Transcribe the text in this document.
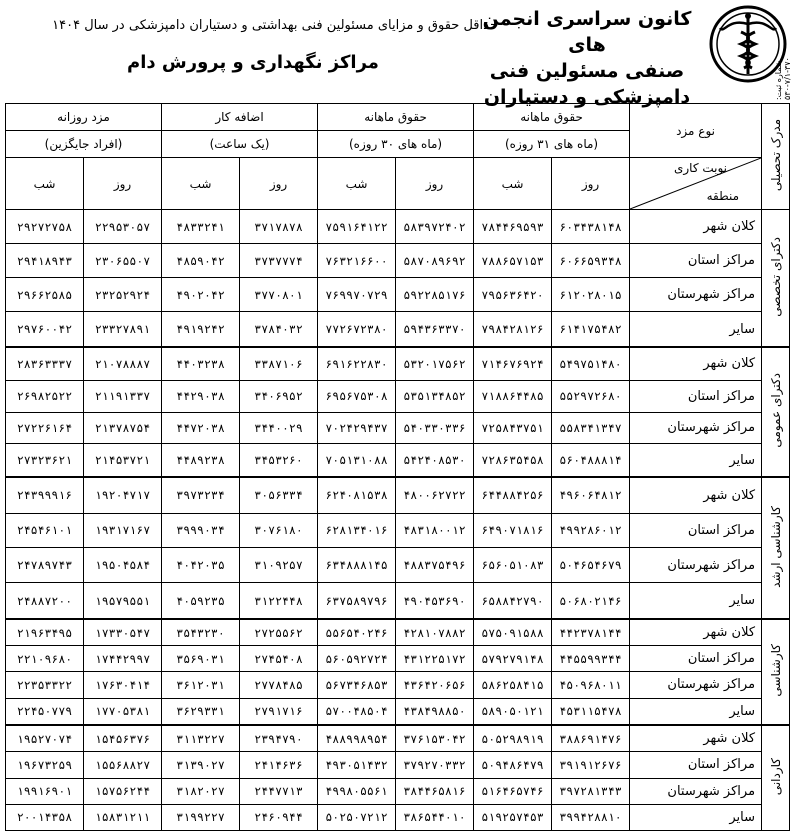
شماره ثبت: ۳۷۰-۷/۱-۵۳۰
کانون سراسری انجمن های
صنفی مسئولین فنی
دامپزشکی و دستیاران
حداقل حقوق و مزایای مسئولین فنی بهداشتی و دستیاران دامپزشکی در سال ۱۴۰۴
مراکز نگهداری و پرورش دام
مدرک تحصیلی	نوع مزد	حقوق ماهانه		حقوق ماهانه		اضافه کار		مزد روزانه	
		(ماه های ۳۱ روزه)		(ماه های ۳۰ روزه)		(یک ساعت)		(افراد جایگزین)	

	نوبت کاری
منطقه	روز	شب	روز	شب	روز	شب	روز	شب
دکترای تخصصی	کلان شهر	۶۰۳۴۳۸۱۴۸	۷۸۴۴۶۹۵۹۳	۵۸۳۹۷۲۴۰۲	۷۵۹۱۶۴۱۲۲	۳۷۱۷۸۷۸	۴۸۳۳۲۴۱	۲۲۹۵۳۰۵۷	۲۹۲۷۲۷۵۸
	مراکز استان	۶۰۶۶۵۹۳۴۸	۷۸۸۶۵۷۱۵۳	۵۸۷۰۸۹۶۹۲	۷۶۳۲۱۶۶۰۰	۳۷۳۷۷۷۴	۴۸۵۹۰۴۲	۲۳۰۶۵۵۰۷	۲۹۴۱۸۹۴۳
	مراکز شهرستان	۶۱۲۰۲۸۰۱۵	۷۹۵۶۳۶۴۲۰	۵۹۲۲۸۵۱۷۶	۷۶۹۹۷۰۷۲۹	۳۷۷۰۸۰۱	۴۹۰۲۰۴۲	۲۳۲۵۲۹۲۴	۲۹۶۶۲۵۸۵
	سایر	۶۱۴۱۷۵۴۸۲	۷۹۸۴۲۸۱۲۶	۵۹۴۳۶۳۳۷۰	۷۷۲۶۷۲۳۸۰	۳۷۸۴۰۳۲	۴۹۱۹۲۴۲	۲۳۳۲۷۸۹۱	۲۹۷۶۰۰۴۲
دکترای عمومی	کلان شهر	۵۴۹۷۵۱۴۸۰	۷۱۴۶۷۶۹۲۴	۵۳۲۰۱۷۵۶۲	۶۹۱۶۲۲۸۳۰	۳۳۸۷۱۰۶	۴۴۰۳۲۳۸	۲۱۰۷۸۸۸۷	۲۸۳۶۳۳۳۷
	مراکز استان	۵۵۲۹۷۲۶۸۰	۷۱۸۸۶۴۴۸۵	۵۳۵۱۳۴۸۵۲	۶۹۵۶۷۵۳۰۸	۳۴۰۶۹۵۲	۴۴۲۹۰۳۸	۲۱۱۹۱۳۳۷	۲۶۹۸۲۵۲۲
	مراکز شهرستان	۵۵۸۳۴۱۳۴۷	۷۲۵۸۴۳۷۵۱	۵۴۰۳۳۰۳۳۶	۷۰۲۴۲۹۴۳۷	۳۴۴۰۰۲۹	۴۴۷۲۰۳۸	۲۱۳۷۸۷۵۴	۲۷۲۲۶۱۶۴
	سایر	۵۶۰۴۸۸۸۱۴	۷۲۸۶۳۵۴۵۸	۵۴۲۴۰۸۵۳۰	۷۰۵۱۳۱۰۸۸	۳۴۵۳۲۶۰	۴۴۸۹۲۳۸	۲۱۴۵۳۷۲۱	۲۷۳۲۳۶۲۱
کارشناسی ارشد	کلان شهر	۴۹۶۰۶۴۸۱۲	۶۴۴۸۸۴۲۵۶	۴۸۰۰۶۲۷۲۲	۶۲۴۰۸۱۵۳۸	۳۰۵۶۳۳۴	۳۹۷۳۲۳۴	۱۹۲۰۴۷۱۷	۲۴۳۹۹۹۱۶
	مراکز استان	۴۹۹۲۸۶۰۱۲	۶۴۹۰۷۱۸۱۶	۴۸۳۱۸۰۰۱۲	۶۲۸۱۳۴۰۱۶	۳۰۷۶۱۸۰	۳۹۹۹۰۳۴	۱۹۳۱۷۱۶۷	۲۴۵۴۶۱۰۱
	مراکز شهرستان	۵۰۴۶۵۴۶۷۹	۶۵۶۰۵۱۰۸۳	۴۸۸۳۷۵۴۹۶	۶۳۴۸۸۸۱۴۵	۳۱۰۹۲۵۷	۴۰۴۲۰۳۵	۱۹۵۰۴۵۸۴	۲۴۷۸۹۷۴۳
	سایر	۵۰۶۸۰۲۱۴۶	۶۵۸۸۴۲۷۹۰	۴۹۰۴۵۳۶۹۰	۶۳۷۵۸۹۷۹۶	۳۱۲۲۴۴۸	۴۰۵۹۲۳۵	۱۹۵۷۹۵۵۱	۲۴۸۸۷۲۰۰
کارشناسی	کلان شهر	۴۴۲۳۷۸۱۴۴	۵۷۵۰۹۱۵۸۸	۴۲۸۱۰۷۸۸۲	۵۵۶۵۴۰۲۴۶	۲۷۲۵۵۶۲	۳۵۴۳۲۳۰	۱۷۳۳۰۵۴۷	۲۱۹۶۳۴۹۵
	مراکز استان	۴۴۵۵۹۹۳۴۴	۵۷۹۲۷۹۱۴۸	۴۳۱۲۲۵۱۷۲	۵۶۰۵۹۲۷۲۴	۲۷۴۵۴۰۸	۳۵۶۹۰۳۱	۱۷۴۴۲۹۹۷	۲۲۱۰۹۶۸۰
	مراکز شهرستان	۴۵۰۹۶۸۰۱۱	۵۸۶۲۵۸۴۱۵	۴۳۶۴۲۰۶۵۶	۵۶۷۳۴۶۸۵۳	۲۷۷۸۴۸۵	۳۶۱۲۰۳۱	۱۷۶۳۰۴۱۴	۲۲۳۵۳۳۲۲
	سایر	۴۵۳۱۱۵۴۷۸	۵۸۹۰۵۰۱۲۱	۴۳۸۴۹۸۸۵۰	۵۷۰۰۴۸۵۰۴	۲۷۹۱۷۱۶	۳۶۲۹۳۳۱	۱۷۷۰۵۳۸۱	۲۲۴۵۰۷۷۹
کاردانی	کلان شهر	۳۸۸۶۹۱۴۷۶	۵۰۵۲۹۸۹۱۹	۳۷۶۱۵۳۰۴۲	۴۸۸۹۹۸۹۵۴	۲۳۹۴۷۹۰	۳۱۱۳۲۲۷	۱۵۴۵۶۳۷۶	۱۹۵۲۷۰۷۴
	مراکز استان	۳۹۱۹۱۲۶۷۶	۵۰۹۴۸۶۴۷۹	۳۷۹۲۷۰۳۳۲	۴۹۳۰۵۱۴۳۲	۲۴۱۴۶۳۶	۳۱۳۹۰۲۷	۱۵۵۶۸۸۲۷	۱۹۶۷۳۲۵۹
	مراکز شهرستان	۳۹۷۲۸۱۳۴۳	۵۱۶۴۶۵۷۴۶	۳۸۴۴۶۵۸۱۶	۴۹۹۸۰۵۵۶۱	۲۴۴۷۷۱۳	۳۱۸۲۰۲۷	۱۵۷۵۶۲۴۴	۱۹۹۱۶۹۰۱
	سایر	۳۹۹۴۲۸۸۱۰	۵۱۹۲۵۷۴۵۳	۳۸۶۵۴۴۰۱۰	۵۰۲۵۰۷۲۱۲	۲۴۶۰۹۴۴	۳۱۹۹۲۲۷	۱۵۸۳۱۲۱۱	۲۰۰۱۴۳۵۸
